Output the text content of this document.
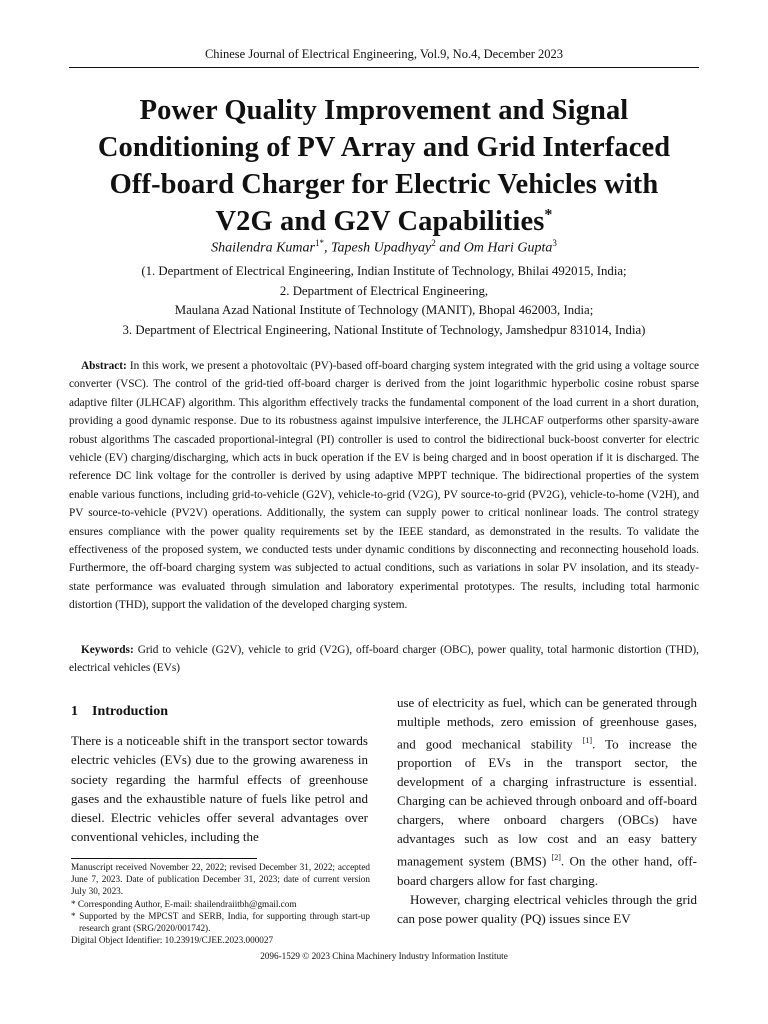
Chinese Journal of Electrical Engineering, Vol.9, No.4, December 2023
Power Quality Improvement and Signal
Conditioning of PV Array and Grid Interfaced
Off-board Charger for Electric Vehicles with
V2G and G2V Capabilities*
Shailendra Kumar$^{1*}$, Tapesh Upadhyay$^2$ and Om Hari Gupta$^3$
(1. Department of Electrical Engineering, Indian Institute of Technology, Bhilai 492015, India;
2. Department of Electrical Engineering,
Maulana Azad National Institute of Technology (MANIT), Bhopal 462003, India;
3. Department of Electrical Engineering, National Institute of Technology, Jamshedpur 831014, India)
Abstract: In this work, we present a photovoltaic (PV)-based off-board charging system integrated with the grid using a voltage source converter (VSC). The control of the grid-tied off-board charger is derived from the joint logarithmic hyperbolic cosine robust sparse adaptive filter (JLHCAF) algorithm. This algorithm effectively tracks the fundamental component of the load current in a short duration, providing a good dynamic response. Due to its robustness against impulsive interference, the JLHCAF outperforms other sparsity-aware robust algorithms The cascaded proportional-integral (PI) controller is used to control the bidirectional buck-boost converter for electric vehicle (EV) charging/discharging, which acts in buck operation if the EV is being charged and in boost operation if it is discharged. The reference DC link voltage for the controller is derived by using adaptive MPPT technique. The bidirectional properties of the system enable various functions, including grid-to-vehicle (G2V), vehicle-to-grid (V2G), PV source-to-grid (PV2G), vehicle-to-home (V2H), and PV source-to-vehicle (PV2V) operations. Additionally, the system can supply power to critical nonlinear loads. The control strategy ensures compliance with the power quality requirements set by the IEEE standard, as demonstrated in the results. To validate the effectiveness of the proposed system, we conducted tests under dynamic conditions by disconnecting and reconnecting household loads. Furthermore, the off-board charging system was subjected to actual conditions, such as variations in solar PV insolation, and its steady-state performance was evaluated through simulation and laboratory experimental prototypes. The results, including total harmonic distortion (THD), support the validation of the developed charging system.
Keywords: Grid to vehicle (G2V), vehicle to grid (V2G), off-board charger (OBC), power quality, total harmonic distortion (THD), electrical vehicles (EVs)
1 Introduction

There is a noticeable shift in the transport sector towards electric vehicles (EVs) due to the growing awareness in society regarding the harmful effects of greenhouse gases and the exhaustible nature of fuels like petrol and diesel. Electric vehicles offer several advantages over conventional vehicles, including the

use of electricity as fuel, which can be generated through multiple methods, zero emission of greenhouse gases, and good mechanical stability [1]. To increase the proportion of EVs in the transport sector, the development of a charging infrastructure is essential. Charging can be achieved through onboard and off-board chargers, where onboard chargers (OBCs) have advantages such as low cost and an easy battery management system (BMS) [2]. On the other hand, off-board chargers allow for fast charging.

However, charging electrical vehicles through the grid can pose power quality (PQ) issues since EV

Manuscript received November 22, 2022; revised December 31, 2022; accepted June 7, 2023. Date of publication December 31, 2023; date of current version July 30, 2023.

* Corresponding Author, E-mail: shailendraiitbh@gmail.com

* Supported by the MPCST and SERB, India, for supporting through start-up research grant (SRG/2020/001742).

Digital Object Identifier: 10.23919/CJEE.2023.000027

2096-1529 © 2023 China Machinery Industry Information Institute
